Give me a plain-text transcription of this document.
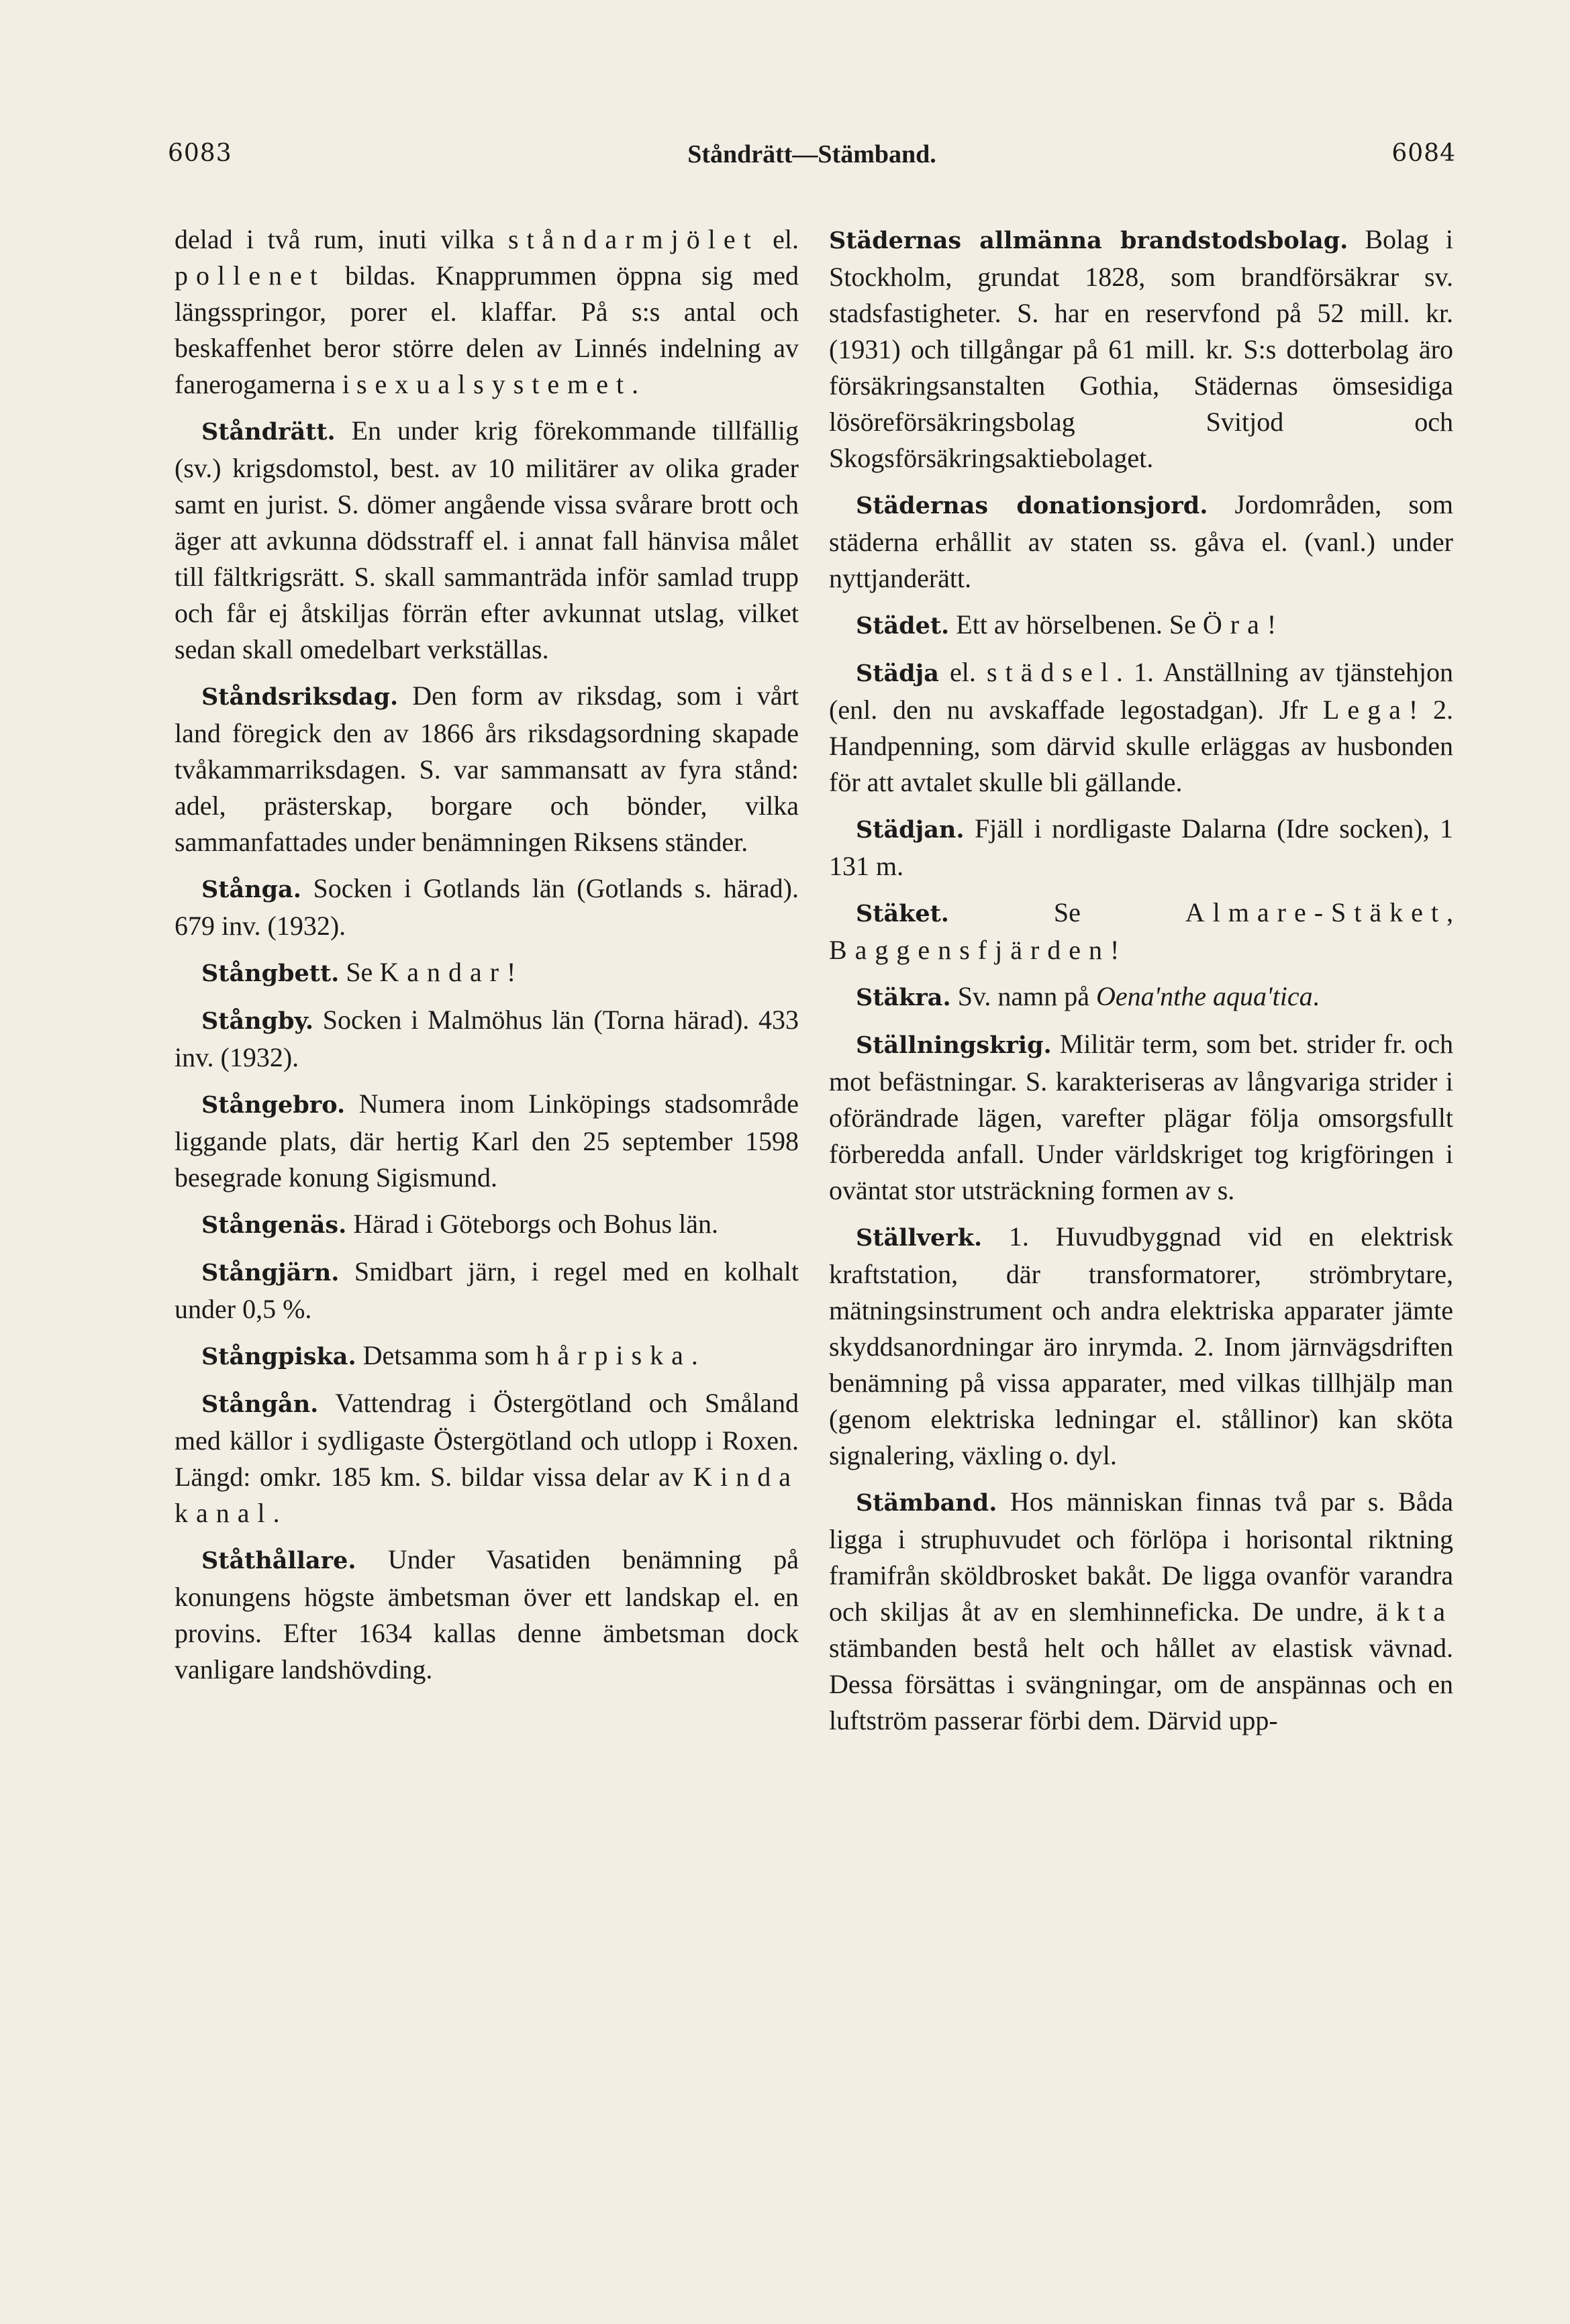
6083	Ståndrätt—Stämband.	6084

delad i två rum, inuti vilka ståndarmjölet el. pollenet bildas. Knapprummen öppna sig med längsspringor, porer el. klaffar. På s:s antal och beskaffenhet beror större delen av Linnés indelning av fanerogamerna i sexualsystemet.

Ståndrätt. En under krig förekommande tillfällig (sv.) krigsdomstol, best. av 10 militärer av olika grader samt en jurist. S. dömer angående vissa svårare brott och äger att avkunna dödsstraff el. i annat fall hänvisa målet till fältkrigsrätt. S. skall sammanträda inför samlad trupp och får ej åtskiljas förrän efter avkunnat utslag, vilket sedan skall omedelbart verkställas.

Ståndsriksdag. Den form av riksdag, som i vårt land föregick den av 1866 års riksdagsordning skapade tvåkammarriksdagen. S. var sammansatt av fyra stånd: adel, prästerskap, borgare och bönder, vilka sammanfattades under benämningen Riksens ständer.

Stånga. Socken i Gotlands län (Gotlands s. härad). 679 inv. (1932).

Stångbett. Se Kandar!

Stångby. Socken i Malmöhus län (Torna härad). 433 inv. (1932).

Stångebro. Numera inom Linköpings stadsområde liggande plats, där hertig Karl den 25 september 1598 besegrade konung Sigismund.

Stångenäs. Härad i Göteborgs och Bohus län.

Stångjärn. Smidbart järn, i regel med en kolhalt under 0,5 %.

Stångpiska. Detsamma som hårpiska.

Stångån. Vattendrag i Östergötland och Småland med källor i sydligaste Östergötland och utlopp i Roxen. Längd: omkr. 185 km. S. bildar vissa delar av Kinda kanal.

Ståthållare. Under Vasatiden benämning på konungens högste ämbetsman över ett landskap el. en provins. Efter 1634 kallas denne ämbetsman dock vanligare landshövding.

Städernas allmänna brandstodsbolag. Bolag i Stockholm, grundat 1828, som brandförsäkrar sv. stadsfastigheter. S. har en reservfond på 52 mill. kr. (1931) och tillgångar på 61 mill. kr. S:s dotterbolag äro försäkringsanstalten Gothia, Städernas ömsesidiga lösöreförsäkringsbolag Svitjod och Skogsförsäkringsaktiebolaget.

Städernas donationsjord. Jordområden, som städerna erhållit av staten ss. gåva el. (vanl.) under nyttjanderätt.

Städet. Ett av hörselbenen. Se Öra!

Städja el. städsel. 1. Anställning av tjänstehjon (enl. den nu avskaffade legostadgan). Jfr Lega! 2. Handpenning, som därvid skulle erläggas av husbonden för att avtalet skulle bli gällande.

Städjan. Fjäll i nordligaste Dalarna (Idre socken), 1 131 m.

Stäket. Se Almare-Stäket, Baggensfjärden!

Stäkra. Sv. namn på Oena'nthe aqua'tica.

Ställningskrig. Militär term, som bet. strider fr. och mot befästningar. S. karakteriseras av långvariga strider i oförändrade lägen, varefter plägar följa omsorgsfullt förberedda anfall. Under världskriget tog krigföringen i oväntat stor utsträckning formen av s.

Ställverk. 1. Huvudbyggnad vid en elektrisk kraftstation, där transformatorer, strömbrytare, mätningsinstrument och andra elektriska apparater jämte skyddsanordningar äro inrymda. 2. Inom järnvägsdriften benämning på vissa apparater, med vilkas tillhjälp man (genom elektriska ledningar el. stållinor) kan sköta signalering, växling o. dyl.

Stämband. Hos människan finnas två par s. Båda ligga i struphuvudet och förlöpa i horisontal riktning framifrån sköldbrosket bakåt. De ligga ovanför varandra och skiljas åt av en slemhinneficka. De undre, äkta stämbanden bestå helt och hållet av elastisk vävnad. Dessa försättas i svängningar, om de anspännas och en luftström passerar förbi dem. Därvid upp-
